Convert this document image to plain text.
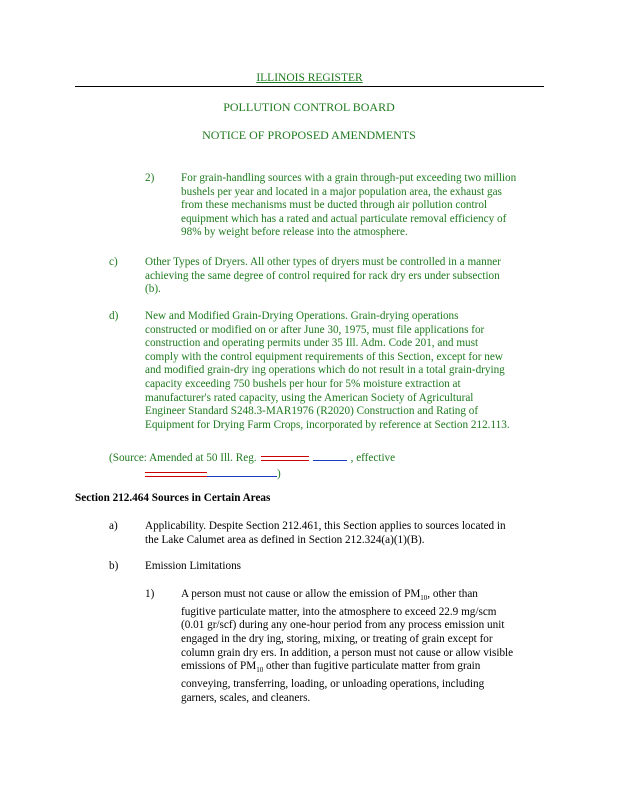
ILLINOIS REGISTER
POLLUTION CONTROL BOARD
NOTICE OF PROPOSED AMENDMENTS
2) For grain-handling sources with a grain through-put exceeding two million
bushels per year and located in a major population area, the exhaust gas
from these mechanisms must be ducted through air pollution control
equipment which has a rated and actual particulate removal efficiency of
98% by weight before release into the atmosphere.
c) Other Types of Dryers. All other types of dryers must be controlled in a manner
achieving the same degree of control required for rack dry ers under subsection
(b).
d) New and Modified Grain-Drying Operations. Grain-drying operations
constructed or modified on or after June 30, 1975, must file applications for
construction and operating permits under 35 Ill. Adm. Code 201, and must
comply with the control equipment requirements of this Section, except for new
and modified grain-dry ing operations which do not result in a total grain-drying
capacity exceeding 750 bushels per hour for 5% moisture extraction at
manufacturer's rated capacity, using the American Society of Agricultural
Engineer Standard S248.3-MAR1976 (R2020) Construction and Rating of
Equipment for Drying Farm Crops, incorporated by reference at Section 212.113.
(Source: Amended at 50 Ill. Reg.	, effective
)
Section 212.464 Sources in Certain Areas
a) Applicability. Despite Section 212.461, this Section applies to sources located in
the Lake Calumet area as defined in Section 212.324(a)(1)(B).
b) Emission Limitations
1) A person must not cause or allow the emission of $PM_{10}$, other than
fugitive particulate matter, into the atmosphere to exceed 22.9 mg/scm
(0.01 gr/scf) during any one-hour period from any process emission unit
engaged in the dry ing, storing, mixing, or treating of grain except for
column grain dry ers. In addition, a person must not cause or allow visible
emissions of $PM_{10}$ other than fugitive particulate matter from grain
conveying, transferring, loading, or unloading operations, including
garners, scales, and cleaners.
